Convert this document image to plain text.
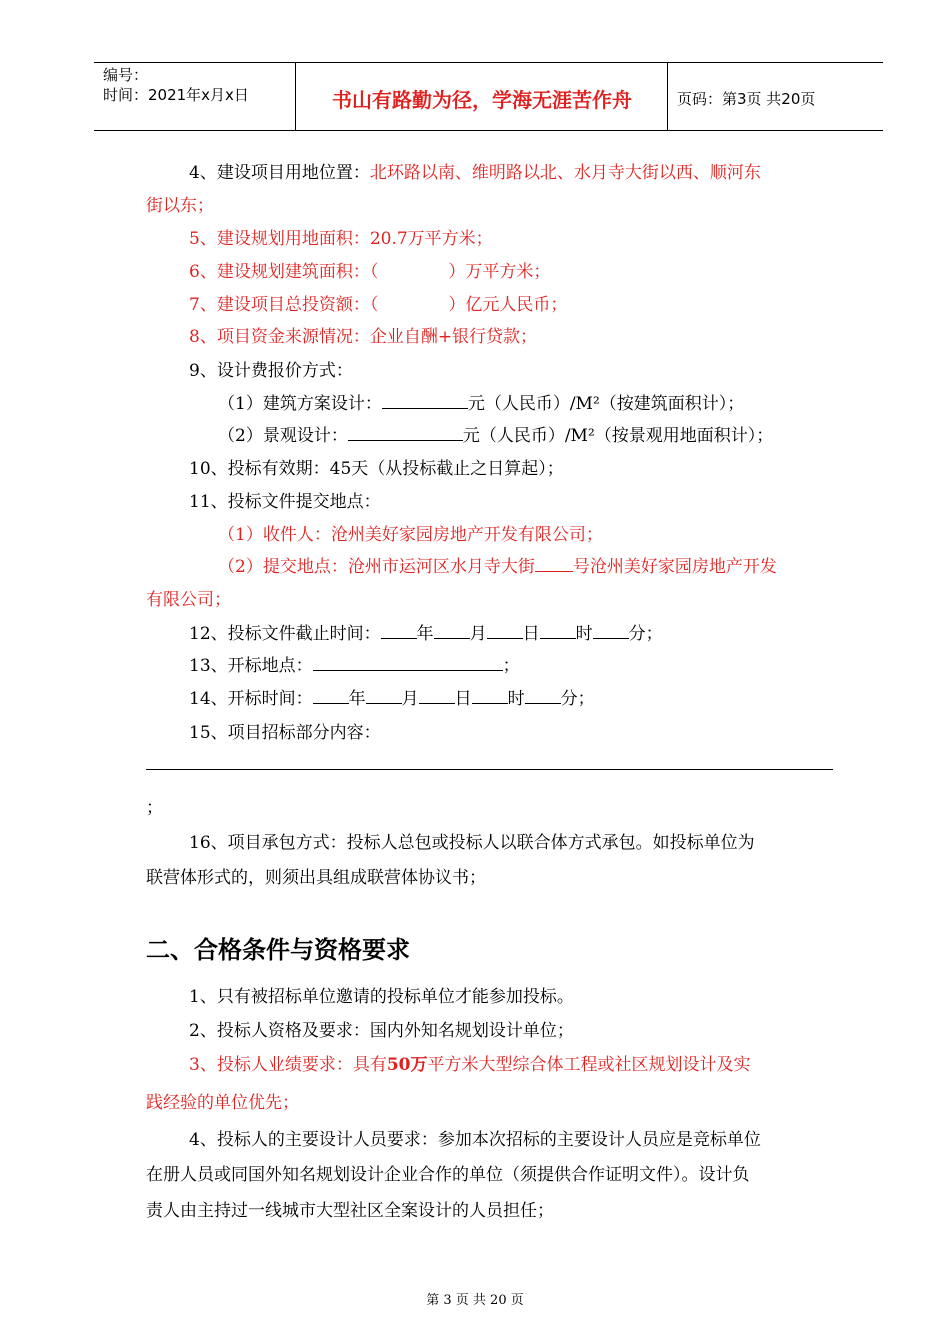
编号：
时间：2021年x月x日	书山有路勤为径，学海无涯苦作舟	页码：第3页 共20页
4、建设项目用地位置：北环路以南、维明路以北、水月寺大街以西、顺河东
街以东；
5、建设规划用地面积：20.7万平方米；
6、建设规划建筑面积：（	）万平方米；
7、建设项目总投资额：（	）亿元人民币；
8、项目资金来源情况：企业自酬+银行贷款；
9、设计费报价方式：
（1）建筑方案设计：	元（人民币）/M²（按建筑面积计）；
（2）景观设计：	元（人民币）/M²（按景观用地面积计）；
10、投标有效期：45天（从投标截止之日算起）；
11、投标文件提交地点：
（1）收件人：沧州美好家园房地产开发有限公司；
（2）提交地点：沧州市运河区水月寺大街 号沧州美好家园房地产开发
有限公司；
12、投标文件截止时间： 年 月 日 时 分；
13、开标地点：	；
14、开标时间： 年 月 日 时 分；
15、项目招标部分内容：
；
16、项目承包方式：投标人总包或投标人以联合体方式承包。如投标单位为
联营体形式的，则须出具组成联营体协议书；
二、合格条件与资格要求
1、只有被招标单位邀请的投标单位才能参加投标。
2、投标人资格及要求：国内外知名规划设计单位；
3、投标人业绩要求：具有50万平方米大型综合体工程或社区规划设计及实
践经验的单位优先；
4、投标人的主要设计人员要求：参加本次招标的主要设计人员应是竞标单位
在册人员或同国外知名规划设计企业合作的单位（须提供合作证明文件）。设计负
责人由主持过一线城市大型社区全案设计的人员担任；
第 3 页 共 20 页
